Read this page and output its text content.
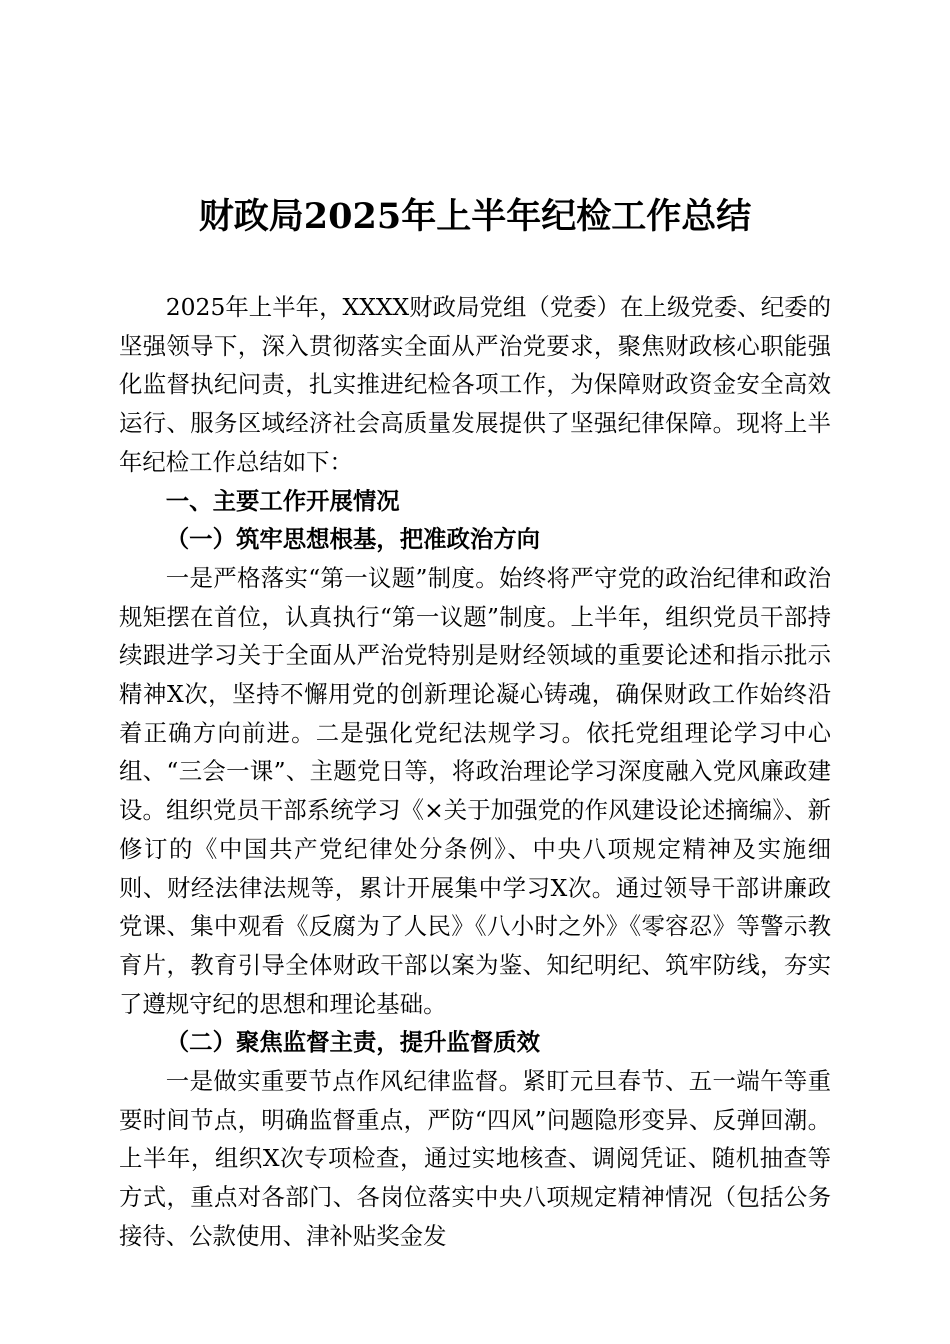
财政局2025年上半年纪检工作总结

2025年上半年，XXXX财政局党组（党委）在上级党委、纪委的坚强领导下，深入贯彻落实全面从严治党要求，聚焦财政核心职能强化监督执纪问责，扎实推进纪检各项工作，为保障财政资金安全高效运行、服务区域经济社会高质量发展提供了坚强纪律保障。现将上半年纪检工作总结如下：

一、主要工作开展情况

（一）筑牢思想根基，把准政治方向

一是严格落实“第一议题”制度。始终将严守党的政治纪律和政治规矩摆在首位，认真执行“第一议题”制度。上半年，组织党员干部持续跟进学习关于全面从严治党特别是财经领域的重要论述和指示批示精神X次，坚持不懈用党的创新理论凝心铸魂，确保财政工作始终沿着正确方向前进。二是强化党纪法规学习。依托党组理论学习中心组、“三会一课”、主题党日等，将政治理论学习深度融入党风廉政建设。组织党员干部系统学习《×关于加强党的作风建设论述摘编》、新修订的《中国共产党纪律处分条例》、中央八项规定精神及实施细则、财经法律法规等，累计开展集中学习X次。通过领导干部讲廉政党课、集中观看《反腐为了人民》《八小时之外》《零容忍》等警示教育片，教育引导全体财政干部以案为鉴、知纪明纪、筑牢防线，夯实了遵规守纪的思想和理论基础。

（二）聚焦监督主责，提升监督质效

一是做实重要节点作风纪律监督。紧盯元旦春节、五一端午等重要时间节点，明确监督重点，严防“四风”问题隐形变异、反弹回潮。上半年，组织X次专项检查，通过实地核查、调阅凭证、随机抽查等方式，重点对各部门、各岗位落实中央八项规定精神情况（包括公务接待、公款使用、津补贴奖金发
